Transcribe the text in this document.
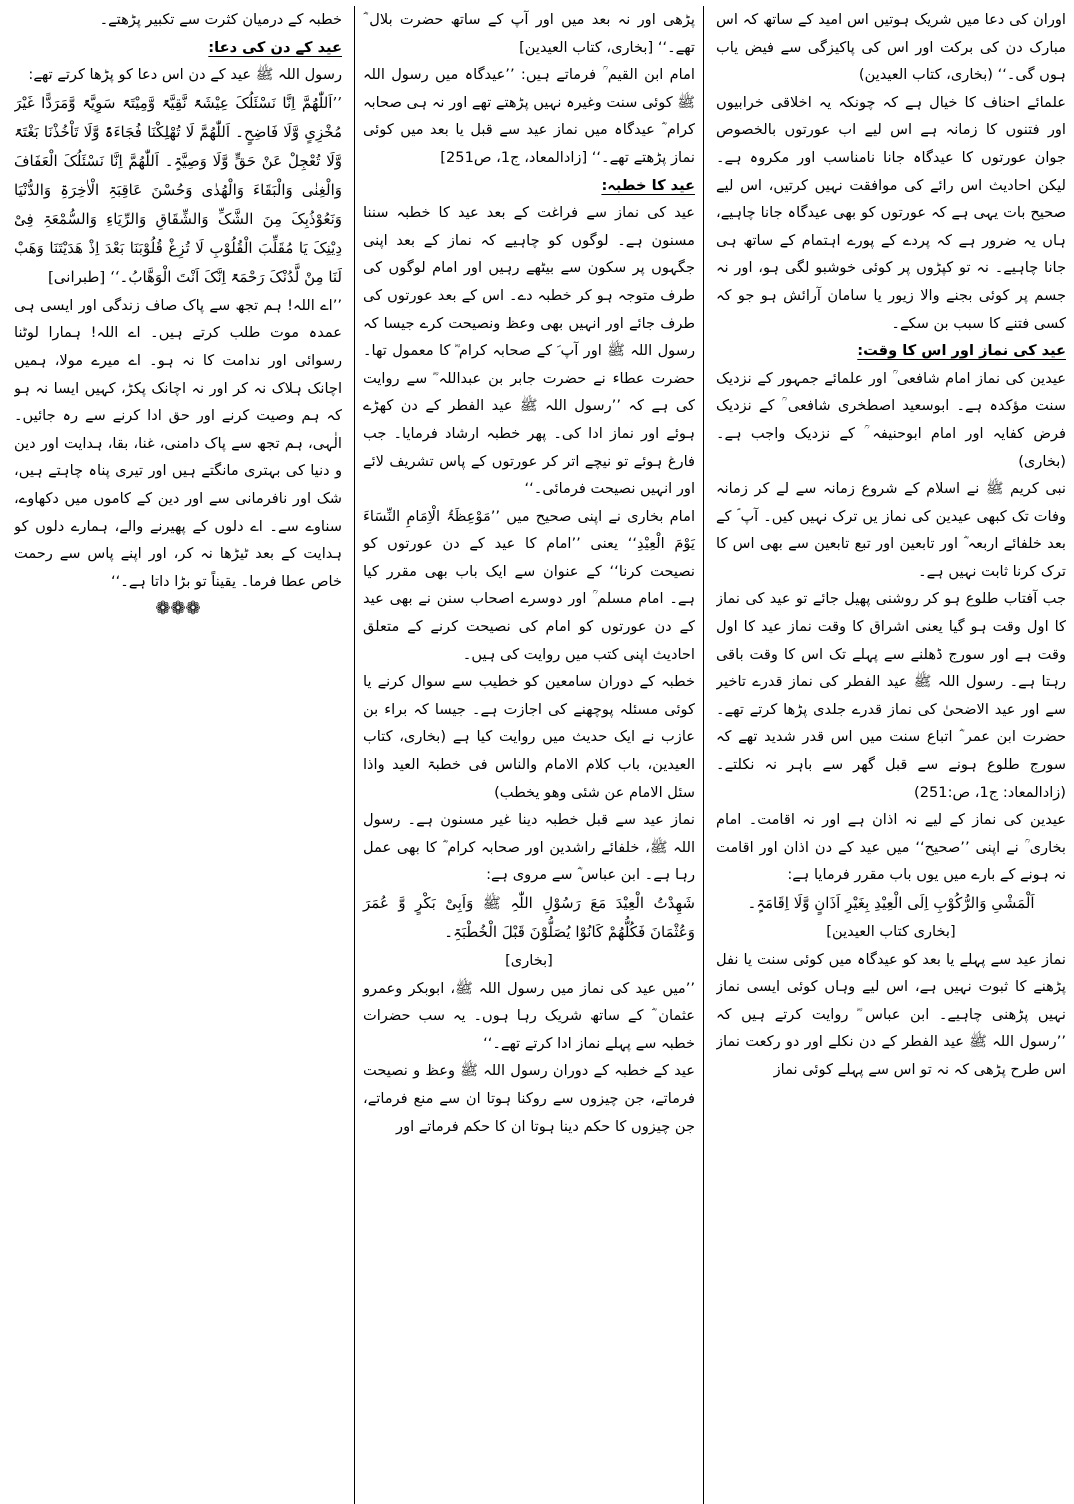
اوران کی دعا میں شریک ہوتیں اس امید کے ساتھ کہ اس مبارک دن کی برکت اور اس کی پاکیزگی سے فیض یاب ہوں گی۔‘‘ (بخاری، کتاب العیدین)

علمائے احناف کا خیال ہے کہ چونکہ یہ اخلاقی خرابیوں اور فتنوں کا زمانہ ہے اس لیے اب عورتوں بالخصوص جوان عورتوں کا عیدگاہ جانا نامناسب اور مکروہ ہے۔ لیکن احادیث اس رائے کی موافقت نہیں کرتیں، اس لیے صحیح بات یہی ہے کہ عورتوں کو بھی عیدگاہ جانا چاہیے، ہاں یہ ضرور ہے کہ پردے کے پورے اہتمام کے ساتھ ہی جانا چاہیے۔ نہ تو کپڑوں پر کوئی خوشبو لگی ہو، اور نہ جسم پر کوئی بجنے والا زیور یا سامان آرائش ہو جو کہ کسی فتنے کا سبب بن سکے۔

عید کی نماز اور اس کا وقت:

عیدین کی نماز امام شافعی ؒ اور علمائے جمہور کے نزدیک سنت مؤکدہ ہے۔ ابوسعید اصطخری شافعی ؒ کے نزدیک فرض کفایہ اور امام ابوحنیفہ ؒ کے نزدیک واجب ہے۔ (بخاری)

نبی کریم ﷺ نے اسلام کے شروع زمانہ سے لے کر زمانہ وفات تک کبھی عیدین کی نماز یں ترک نہیں کیں۔ آپ ؐ کے بعد خلفائے اربعہ ؓ اور تابعین اور تبع تابعین سے بھی اس کا ترک کرنا ثابت نہیں ہے۔

جب آفتاب طلوع ہو کر روشنی پھیل جائے تو عید کی نماز کا اول وقت ہو گیا یعنی اشراق کا وقت نماز عید کا اول وقت ہے اور سورج ڈھلنے سے پہلے تک اس کا وقت باقی رہتا ہے۔ رسول اللہ ﷺ عید الفطر کی نماز قدرے تاخیر سے اور عید الاضحیٰ کی نماز قدرے جلدی پڑھا کرتے تھے۔ حضرت ابن عمر ؓ اتباع سنت میں اس قدر شدید تھے کہ سورج طلوع ہونے سے قبل گھر سے باہر نہ نکلتے۔ (زادالمعاد: ج1، ص:251)

عیدین کی نماز کے لیے نہ اذان ہے اور نہ اقامت۔ امام بخاری ؒ نے اپنی ’’صحیح‘‘ میں عید کے دن اذان اور اقامت نہ ہونے کے بارے میں یوں باب مقرر فرمایا ہے:

اَلْمَشْیِ وَالرُّکُوْبِ اِلَی الْعِیْدِ بِغَیْرِ اَذَانٍ وَّلَا اِقَامَۃٍ۔

[بخاری کتاب العیدین]

نماز عید سے پہلے یا بعد کو عیدگاہ میں کوئی سنت یا نفل پڑھنے کا ثبوت نہیں ہے، اس لیے وہاں کوئی ایسی نماز نہیں پڑھنی چاہیے۔ ابن عباس ؓ روایت کرتے ہیں کہ ’’رسول اللہ ﷺ عید الفطر کے دن نکلے اور دو رکعت نماز اس طرح پڑھی کہ نہ تو اس سے پہلے کوئی نماز

پڑھی اور نہ بعد میں اور آپ کے ساتھ حضرت بلال ؓ تھے۔‘‘ [بخاری، کتاب العیدین]

امام ابن القیم ؒ فرماتے ہیں: ’’عیدگاہ میں رسول اللہ ﷺ کوئی سنت وغیرہ نہیں پڑھتے تھے اور نہ ہی صحابہ کرام ؓ عیدگاہ میں نماز عید سے قبل یا بعد میں کوئی نماز پڑھتے تھے۔‘‘ [زادالمعاد، ج1، ص251]

عید کا خطبہ:

عید کی نماز سے فراغت کے بعد عید کا خطبہ سننا مسنون ہے۔ لوگوں کو چاہیے کہ نماز کے بعد اپنی جگہوں پر سکون سے بیٹھے رہیں اور امام لوگوں کی طرف متوجہ ہو کر خطبہ دے۔ اس کے بعد عورتوں کی طرف جائے اور انہیں بھی وعظ ونصیحت کرے جیسا کہ رسول اللہ ﷺ اور آپ ؐ کے صحابہ کرام ؓ کا معمول تھا۔ حضرت عطاء نے حضرت جابر بن عبداللہ ؓ سے روایت کی ہے کہ ’’رسول اللہ ﷺ عید الفطر کے دن کھڑے ہوئے اور نماز ادا کی۔ پھر خطبہ ارشاد فرمایا۔ جب فارغ ہوئے تو نیچے اتر کر عورتوں کے پاس تشریف لائے اور انہیں نصیحت فرمائی۔‘‘

امام بخاری نے اپنی صحیح میں ’’مَوْعِظَۃُ الْاِمَامِ النِّسَاءَ یَوْمَ الْعِیْدِ‘‘ یعنی ’’امام کا عید کے دن عورتوں کو نصیحت کرنا‘‘ کے عنوان سے ایک باب بھی مقرر کیا ہے۔ امام مسلم ؒ اور دوسرے اصحاب سنن نے بھی عید کے دن عورتوں کو امام کی نصیحت کرنے کے متعلق احادیث اپنی کتب میں روایت کی ہیں۔

خطبہ کے دوران سامعین کو خطیب سے سوال کرنے یا کوئی مسئلہ پوچھنے کی اجازت ہے۔ جیسا کہ براء بن عازب نے ایک حدیث میں روایت کیا ہے (بخاری، کتاب العیدین، باب کلام الامام والناس فی خطبۃ العید واذا سئل الامام عن شئی وھو یخطب)

نماز عید سے قبل خطبہ دینا غیر مسنون ہے۔ رسول اللہ ﷺ، خلفائے راشدین اور صحابہ کرام ؓ کا بھی عمل رہا ہے۔ ابن عباس ؓ سے مروی ہے:

شَھِدْتُ الْعِیْدَ مَعَ رَسُوْلِ اللّٰہِ ﷺ وَاَبِیْ بَکْرٍ وَّ عُمَرَ وَعُثْمَانَ فَکُلُّھُمْ کَانُوْا یُصَلُّوْنَ قَبْلَ الْخُطْبَۃِ۔

[بخاری]

’’میں عید کی نماز میں رسول اللہ ﷺ، ابوبکر وعمرو عثمان ؓ کے ساتھ شریک رہا ہوں۔ یہ سب حضرات خطبہ سے پہلے نماز ادا کرتے تھے۔‘‘

عید کے خطبہ کے دوران رسول اللہ ﷺ وعظ و نصیحت فرماتے، جن چیزوں سے روکنا ہوتا ان سے منع فرماتے، جن چیزوں کا حکم دینا ہوتا ان کا حکم فرماتے اور

خطبہ کے درمیان کثرت سے تکبیر پڑھتے۔

عید کے دن کی دعا:

رسول اللہ ﷺ عید کے دن اس دعا کو پڑھا کرتے تھے:

’’اَللّٰھُمَّ اِنَّا نَسْئَلُکَ عِیْشَۃً نَّقِیَّۃً وَّمِیْتَۃً سَوِیَّۃً وَّمَرَدًّا غَیْرَ مُخْزِیٍ وَّلَا فَاضِحٍ۔ اَللّٰھُمَّ لَا تُھْلِکْنَا فُجَاءَۃً وَّلَا تَاْخُذْنَا بَغْتَۃً وَّلَا تُعْجِلْ عَنْ حَقٍّ وَّلَا وَصِیَّۃٍ۔ اَللّٰھُمَّ اِنَّا نَسْئَلُکَ الْعَفَافَ وَالْغِنٰی وَالْبَقَاءَ وَالْھُدٰی وَحُسْنَ عَاقِبَۃِ الْاٰخِرَۃِ وَالدُّنْیَا وَنَعُوْذُبِکَ مِنَ الشَّکِّ وَالشِّقَاقِ وَالرِّیَاءِ وَالسُّمْعَۃِ فِیْ دِیْنِکَ یَا مُقَلِّبَ الْقُلُوْبِ لَا تُزِغْ قُلُوْبَنَا بَعْدَ اِذْ ھَدَیْتَنَا وَھَبْ لَنَا مِنْ لَّدُنْکَ رَحْمَۃً اِنَّکَ اَنْتَ الْوَھَّابُ۔‘‘ [طبرانی]

’’اے اللہ! ہم تجھ سے پاک صاف زندگی اور ایسی ہی عمدہ موت طلب کرتے ہیں۔ اے اللہ! ہمارا لوٹنا رسوائی اور ندامت کا نہ ہو۔ اے میرے مولا، ہمیں اچانک ہلاک نہ کر اور نہ اچانک پکڑ، کہیں ایسا نہ ہو کہ ہم وصیت کرنے اور حق ادا کرنے سے رہ جائیں۔ الٰہی، ہم تجھ سے پاک دامنی، غنا، بقا، ہدایت اور دین و دنیا کی بہتری مانگتے ہیں اور تیری پناہ چاہتے ہیں، شک اور نافرمانی سے اور دین کے کاموں میں دکھاوے، سناوے سے۔ اے دلوں کے پھیرنے والے، ہمارے دلوں کو ہدایت کے بعد ٹیڑھا نہ کر، اور اپنے پاس سے رحمت خاص عطا فرما۔ یقیناً تو بڑا داتا ہے۔‘‘

❁❁❁
